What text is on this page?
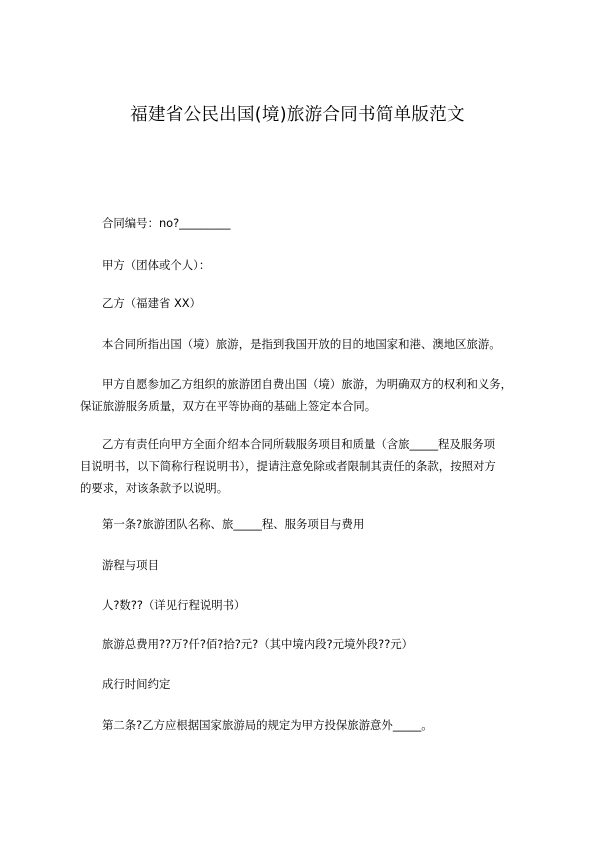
福建省公民出国(境)旅游合同书简单版范文
合同编号：no?_________
甲方（团体或个人）：
乙方（福建省 XX）
本合同所指出国（境）旅游，是指到我国开放的目的地国家和港、澳地区旅游。
甲方自愿参加乙方组织的旅游团自费出国（境）旅游，为明确双方的权利和义务，
保证旅游服务质量，双方在平等协商的基础上签定本合同。
乙方有责任向甲方全面介绍本合同所载服务项目和质量（含旅_____程及服务项
目说明书，以下简称行程说明书），提请注意免除或者限制其责任的条款，按照对方
的要求，对该条款予以说明。
第一条?旅游团队名称、旅_____程、服务项目与费用
游程与项目
人?数??（详见行程说明书）
旅游总费用??万?仟?佰?拾?元?（其中境内段?元境外段??元）
成行时间约定
第二条?乙方应根据国家旅游局的规定为甲方投保旅游意外_____。
